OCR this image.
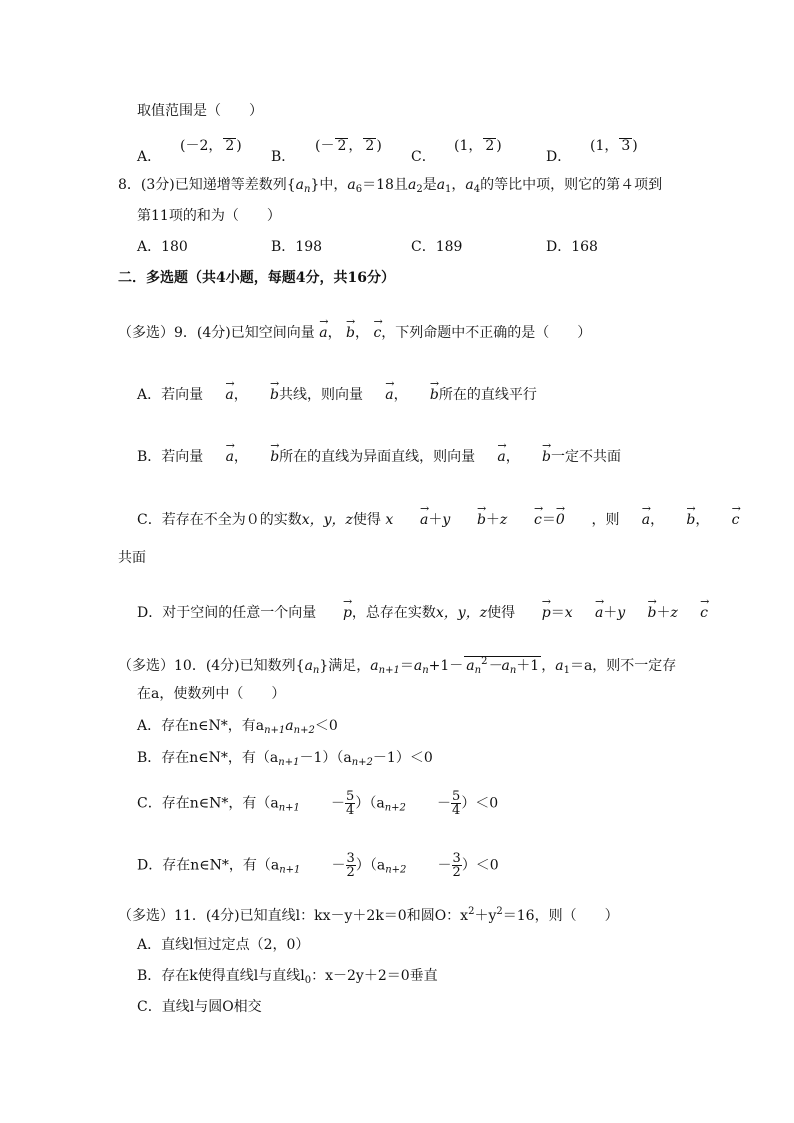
取值范围是（　　）
A．
(－2， 2 )
B．
(－ 2 ， 2 )
C．
(1， 2 )
D．
(1， 3 )
8．(3分)已知递增等差数列$\{a_n\}$中，$a_6=18$且$a_2$是$a_1$，$a_4$的等比中项，则它的第４项到
第11项的和为（　　）
A．180	B．198	C．189	D．168
二．多选题（共4小题，每题4分，共16分）
（多选）9．(4分)已知空间向量 → a， → b， → c，下列命题中不正确的是（　　）
A．若向量 → a， → b共线，则向量 → a， → b所在的直线平行
B．若向量 → a， → b所在的直线为异面直线，则向量 → a， → b一定不共面
C．若存在不全为０的实数x，y，z使得 x → a＋y → b＋z → c＝→ 0 ，则 → a， → b， → c
共面
D．对于空间的任意一个向量 → p，总存在实数x，y，z使得 → p＝x → a＋y → b＋z → c
（多选）10．(4分)已知数列$\{a_n\}$满足，$a_{n+1}=a_n+1- a_n^2-a_n+1$ ，$a_1=a$，则不一定存
在a，使数列中（　　）
A．存在n∈N*，有$a_{n+1}a_{n+2}<0$
B．存在n∈N*，有$(a_{n+1}-1)(a_{n+2}-1)<0$
C．存在n∈N*，有$(a_{n+1} - \frac{5}{4} )(a_{n+2} - \frac{5}{4} )<0$
D．存在n∈N*，有$(a_{n+1} - \frac{3}{2} )(a_{n+2} - \frac{3}{2} )<0$
（多选）11．(4分)已知直线l：kx－y＋2k＝0和圆O：$x^2+y^2=16$，则（　　）
A．直线l恒过定点（2，0）
B．存在k使得直线l与直线$l_0$：x－2y＋2＝0垂直
C．直线l与圆O相交
